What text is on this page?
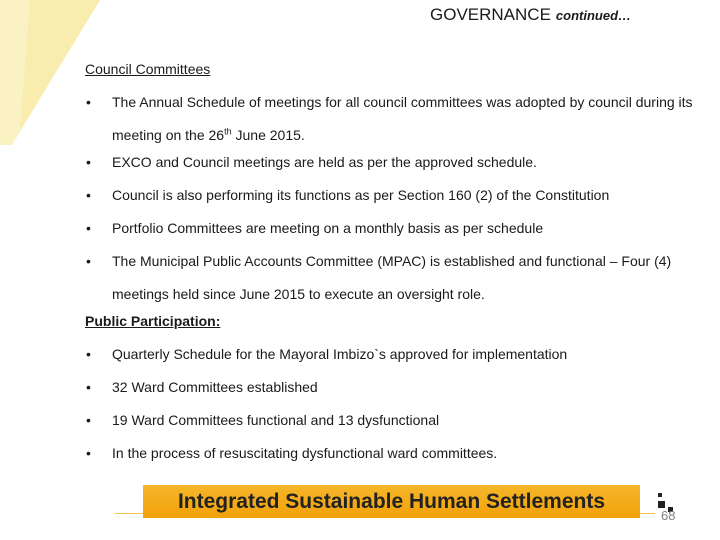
GOVERNANCE continued…
Council Committees
• The Annual Schedule of meetings for all council committees was adopted by council during its meeting on the 26th June 2015.
• EXCO and Council meetings are held as per the approved schedule.
• Council is also performing its functions as per Section 160 (2) of the Constitution
• Portfolio Committees are meeting on a monthly basis as per schedule
• The Municipal Public Accounts Committee (MPAC) is established and functional – Four (4) meetings held since June 2015 to execute an oversight role.
Public Participation:
• Quarterly Schedule for the Mayoral Imbizo`s approved for implementation
• 32 Ward Committees established
• 19 Ward Committees functional and 13 dysfunctional
• In the process of resuscitating dysfunctional ward committees.
Integrated Sustainable Human Settlements
68
